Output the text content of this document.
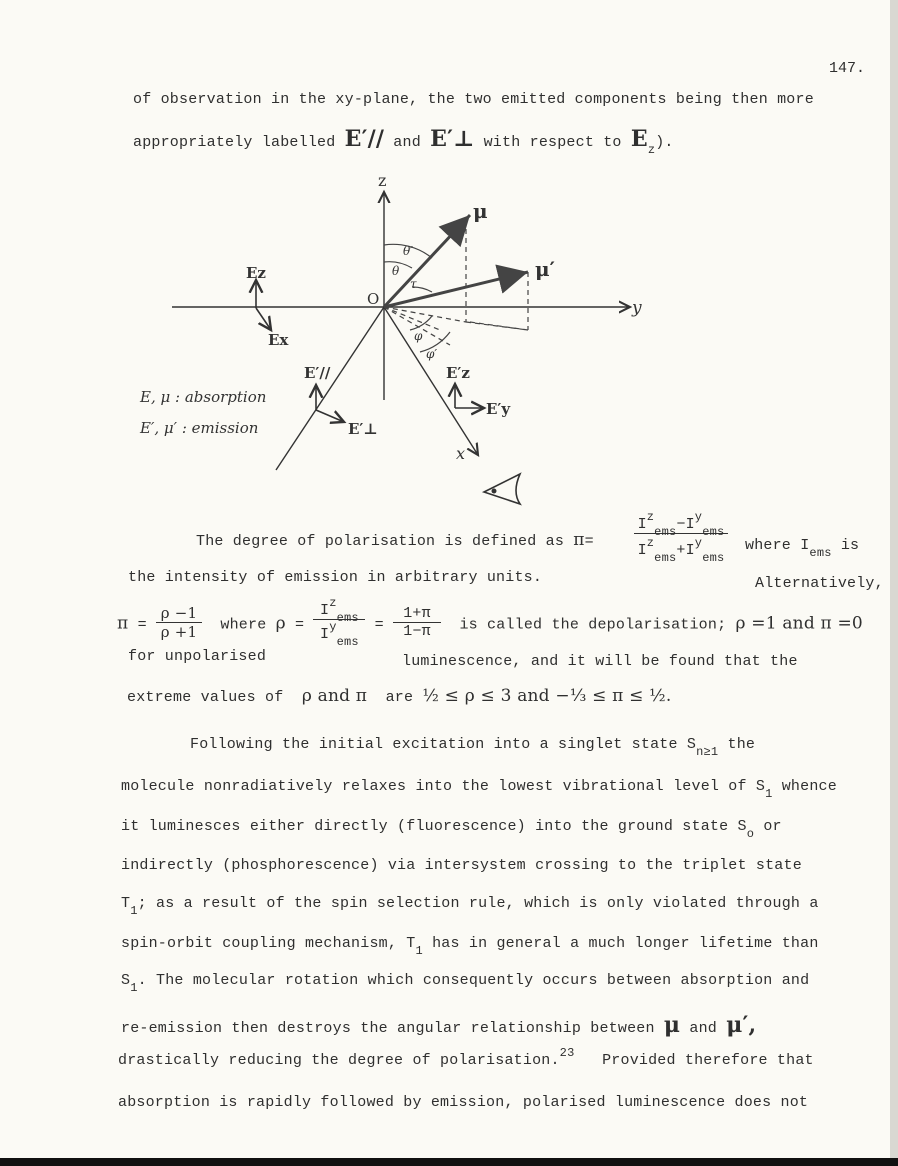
147.
of observation in the xy-plane, the two emitted components being then more
appropriately labelled E′// and E′⊥ with respect to $E_z$).
z
y
x
O
μ
μ′
θ
θ′
τ
φ
φ′
Ez
Ex
E′//
E′⊥
E′z
E′y
E, μ : absorption
E′, μ′ : emission
The degree of polarisation is defined as π=	$\frac{I^z_{ems}-I^y_{ems}}{I^z_{ems}+I^y_{ems}}$ where $I_{ems}$ is
the intensity of emission in arbitrary units.	Alternatively,
$\pi = \frac{\rho -1}{\rho +1}$ where $\rho = \frac{I^z_{ems}}{I^y_{ems}} = \frac{1+\pi}{1-\pi}$ is called the depolarisation; ρ =1 and π =0
for unpolarised	luminescence, and it will be found that the
extreme values of ρ and π are ½ ≤ ρ ≤ 3 and −⅓ ≤ π ≤ ½.
Following the initial excitation into a singlet state $S_{n\ge 1}$ the
molecule nonradiatively relaxes into the lowest vibrational level of $S_1$ whence
it luminesces either directly (fluorescence) into the ground state $S_o$ or
indirectly (phosphorescence) via intersystem crossing to the triplet state
$T_1$; as a result of the spin selection rule, which is only violated through a
spin-orbit coupling mechanism, $T_1$ has in general a much longer lifetime than
$S_1$. The molecular rotation which consequently occurs between absorption and
re-emission then destroys the angular relationship between μ and μ′,
drastically reducing the degree of polarisation.$^{23}$ Provided therefore that
absorption is rapidly followed by emission, polarised luminescence does not
